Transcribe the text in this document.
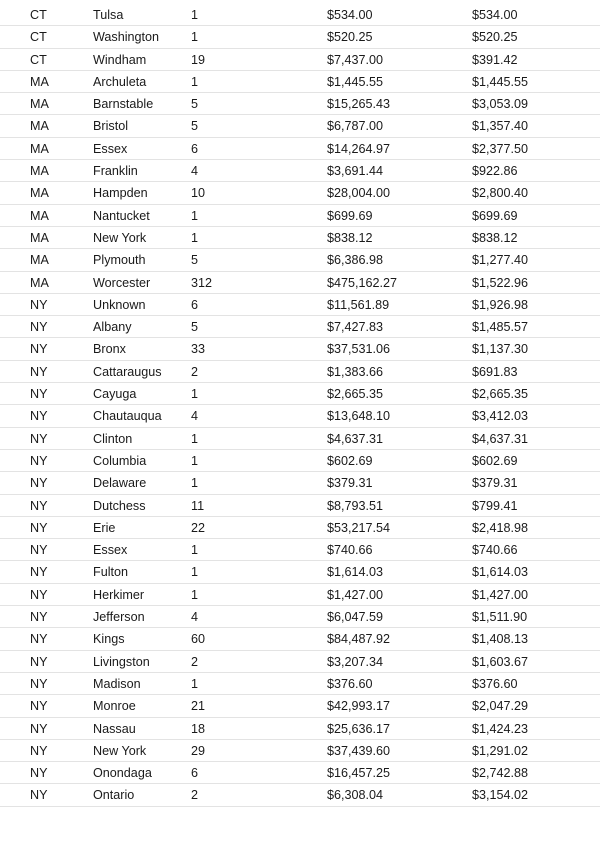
CT	Tulsa	1	$534.00	$534.00
CT	Washington	1	$520.25	$520.25
CT	Windham	19	$7,437.00	$391.42
MA	Archuleta	1	$1,445.55	$1,445.55
MA	Barnstable	5	$15,265.43	$3,053.09
MA	Bristol	5	$6,787.00	$1,357.40
MA	Essex	6	$14,264.97	$2,377.50
MA	Franklin	4	$3,691.44	$922.86
MA	Hampden	10	$28,004.00	$2,800.40
MA	Nantucket	1	$699.69	$699.69
MA	New York	1	$838.12	$838.12
MA	Plymouth	5	$6,386.98	$1,277.40
MA	Worcester	312	$475,162.27	$1,522.96
NY	Unknown	6	$11,561.89	$1,926.98
NY	Albany	5	$7,427.83	$1,485.57
NY	Bronx	33	$37,531.06	$1,137.30
NY	Cattaraugus 2	$1,383.66	$691.83
NY	Cayuga	1	$2,665.35	$2,665.35
NY	Chautauqua 4	$13,648.10	$3,412.03
NY	Clinton	1	$4,637.31	$4,637.31
NY	Columbia	1	$602.69	$602.69
NY	Delaware	1	$379.31	$379.31
NY	Dutchess	11	$8,793.51	$799.41
NY	Erie	22	$53,217.54	$2,418.98
NY	Essex	1	$740.66	$740.66
NY	Fulton	1	$1,614.03	$1,614.03
NY	Herkimer	1	$1,427.00	$1,427.00
NY	Jefferson	4	$6,047.59	$1,511.90
NY	Kings	60	$84,487.92	$1,408.13
NY	Livingston	2	$3,207.34	$1,603.67
NY	Madison	1	$376.60	$376.60
NY	Monroe	21	$42,993.17	$2,047.29
NY	Nassau	18	$25,636.17	$1,424.23
NY	New York	29	$37,439.60	$1,291.02
NY	Onondaga	6	$16,457.25	$2,742.88
NY	Ontario	2	$6,308.04	$3,154.02
